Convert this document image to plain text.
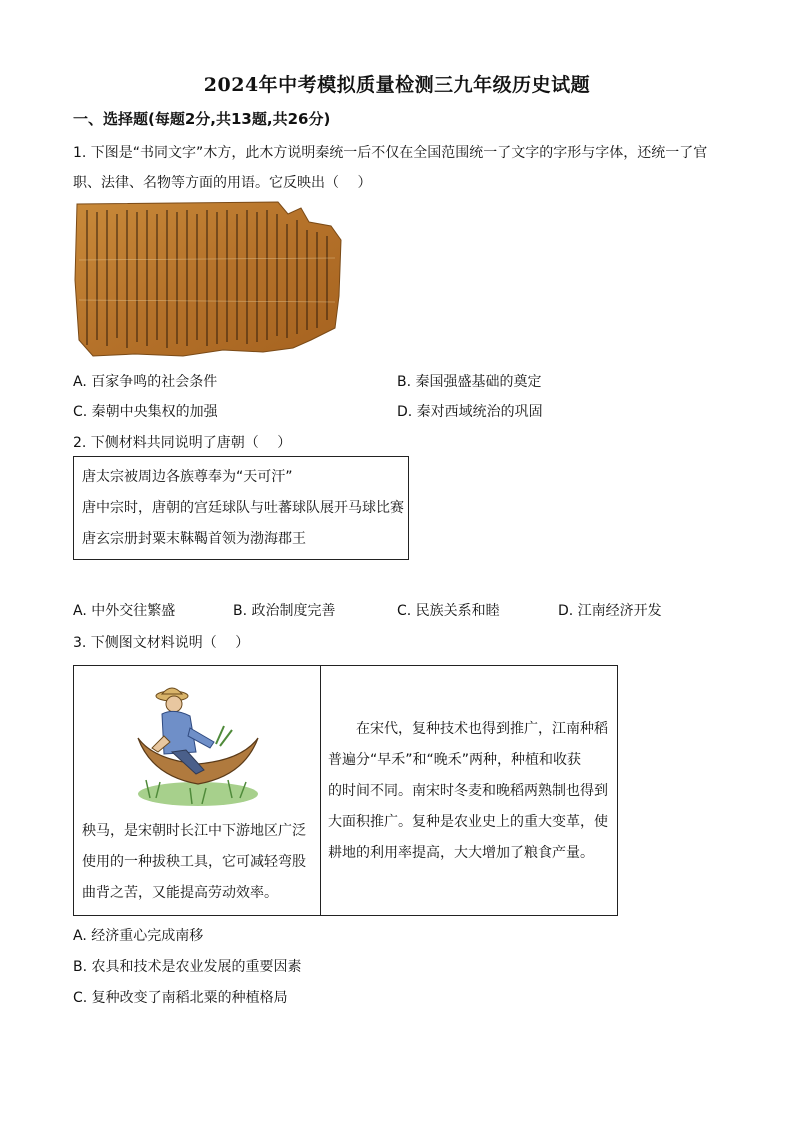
2024年中考模拟质量检测三九年级历史试题
一、选择题(每题2分,共13题,共26分)
1. 下图是“书同文字”木方，此木方说明秦统一后不仅在全国范围统一了文字的字形与字体，还统一了官
职、法律、名物等方面的用语。它反映出（　 ）
A. 百家争鸣的社会条件	B. 秦国强盛基础的奠定
C. 秦朝中央集权的加强	D. 秦对西域统治的巩固
2. 下侧材料共同说明了唐朝（　 ）
唐太宗被周边各族尊奉为“天可汗”
唐中宗时，唐朝的宫廷球队与吐蕃球队展开马球比赛
唐玄宗册封粟末靺鞨首领为渤海郡王
A. 中外交往繁盛	B. 政治制度完善	C. 民族关系和睦	D. 江南经济开发
3. 下侧图文材料说明（　 ）
秧马，是宋朝时长江中下游地区广泛
使用的一种拔秧工具，它可减轻弯股
曲背之苦，又能提高劳动效率。
　　在宋代，复种技术也得到推广，江南种稻
普遍分“早禾”和“晚禾”两种，种植和收获
的时间不同。南宋时冬麦和晚稻两熟制也得到
大面积推广。复种是农业史上的重大变革，使
耕地的利用率提高，大大增加了粮食产量。
A. 经济重心完成南移
B. 农具和技术是农业发展的重要因素
C. 复种改变了南稻北粟的种植格局
